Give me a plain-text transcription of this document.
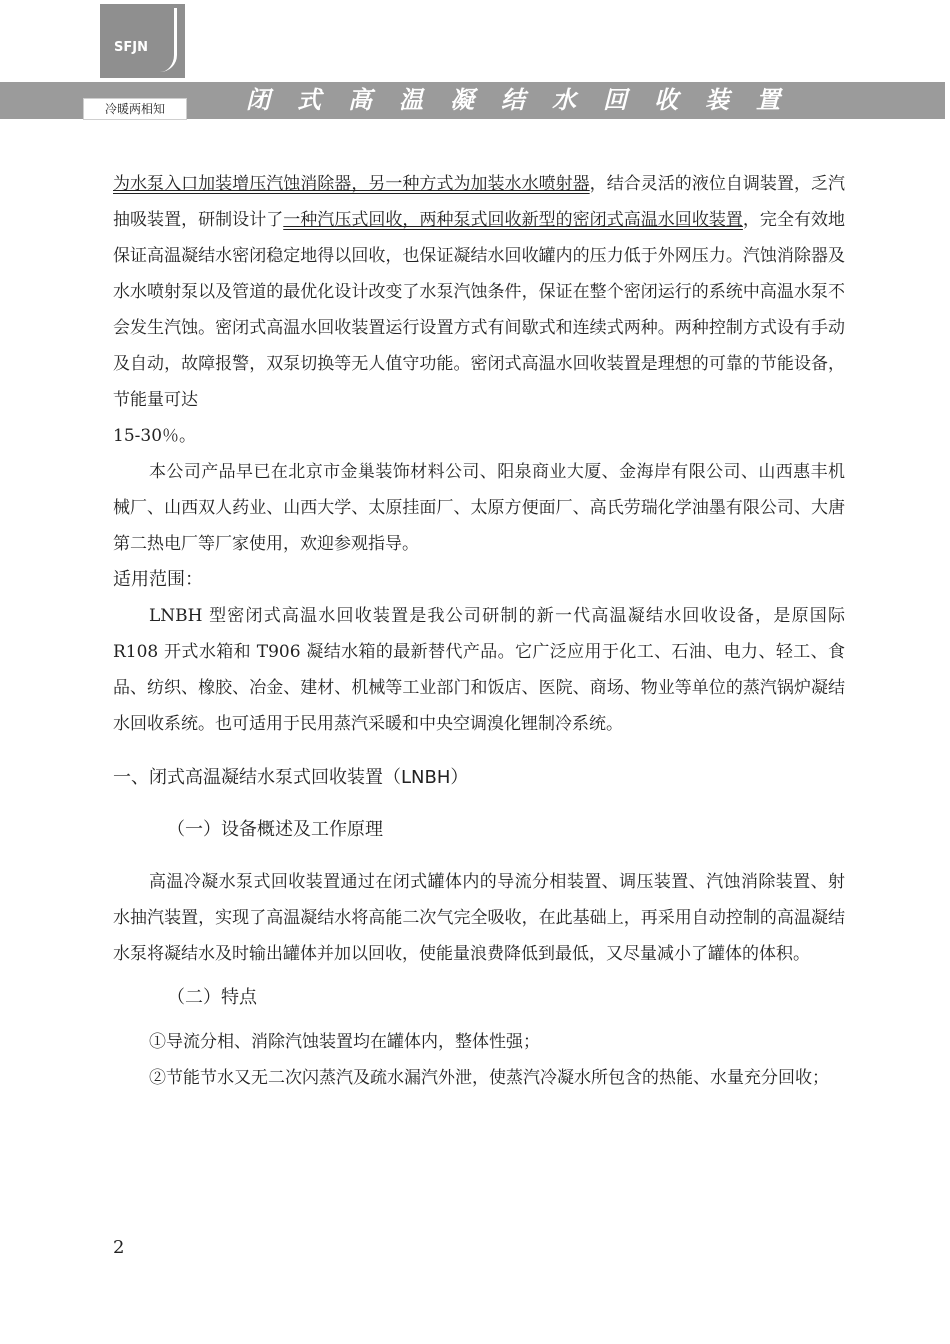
闭式高温凝结水回收装置
SFJN
冷暖两相知

为水泵入口加装增压汽蚀消除器，另一种方式为加装水水喷射器，结合灵活的液位自调装置，乏汽抽吸装置，研制设计了一种汽压式回收，两种泵式回收新型的密闭式高温水回收装置，完全有效地保证高温凝结水密闭稳定地得以回收，也保证凝结水回收罐内的压力低于外网压力。汽蚀消除器及水水喷射泵以及管道的最优化设计改变了水泵汽蚀条件，保证在整个密闭运行的系统中高温水泵不会发生汽蚀。密闭式高温水回收装置运行设置方式有间歇式和连续式两种。两种控制方式设有手动及自动，故障报警，双泵切换等无人值守功能。密闭式高温水回收装置是理想的可靠的节能设备，节能量可达
15-30％。

本公司产品早已在北京市金巢装饰材料公司、阳泉商业大厦、金海岸有限公司、山西惠丰机械厂、山西双人药业、山西大学、太原挂面厂、太原方便面厂、高氏劳瑞化学油墨有限公司、大唐第二热电厂等厂家使用，欢迎参观指导。

适用范围：

LNBH 型密闭式高温水回收装置是我公司研制的新一代高温凝结水回收设备，是原国际 R108 开式水箱和 T906 凝结水箱的最新替代产品。它广泛应用于化工、石油、电力、轻工、食品、纺织、橡胶、冶金、建材、机械等工业部门和饭店、医院、商场、物业等单位的蒸汽锅炉凝结水回收系统。也可适用于民用蒸汽采暖和中央空调溴化锂制冷系统。

一、闭式高温凝结水泵式回收装置（LNBH）

（一）设备概述及工作原理

高温冷凝水泵式回收装置通过在闭式罐体内的导流分相装置、调压装置、汽蚀消除装置、射水抽汽装置，实现了高温凝结水将高能二次气完全吸收，在此基础上，再采用自动控制的高温凝结水泵将凝结水及时输出罐体并加以回收，使能量浪费降低到最低，又尽量减小了罐体的体积。

（二）特点

①导流分相、消除汽蚀装置均在罐体内，整体性强；

②节能节水又无二次闪蒸汽及疏水漏汽外泄，使蒸汽冷凝水所包含的热能、水量充分回收；

2
